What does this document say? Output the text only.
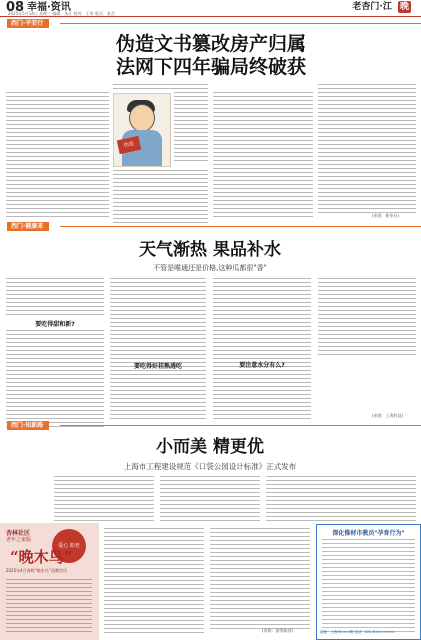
08 幸福·资讯
2025年5月14日 星期三 编辑：朱江 校对：王彤 版式：张芸
老杏门·江 晚
西门·平安行
伪造文书篡改房产归属
法网下四年骗局终破获
伪造
(来源：新华社)
西门·健康来
天气渐热 果品补水
不管是喉通还是价格,这种瓜都很"香"
要吃得甜和新?
要吃得好挂熟透吃	要注意水分有么?
(来源：上海科技)
西门·知新路
小而美 精更优
上海市工程建设规范《口袋公园设计标准》正式发布
(来源：澎湃新闻)
杏林社区
老年之家版
爱心 助老
“晚木鸟”
2025年4月春晖“晚木鸟”品牌活动
深化惟材市教员"孕育行为"
地址：上海市×××路 电话：021-61××××××
